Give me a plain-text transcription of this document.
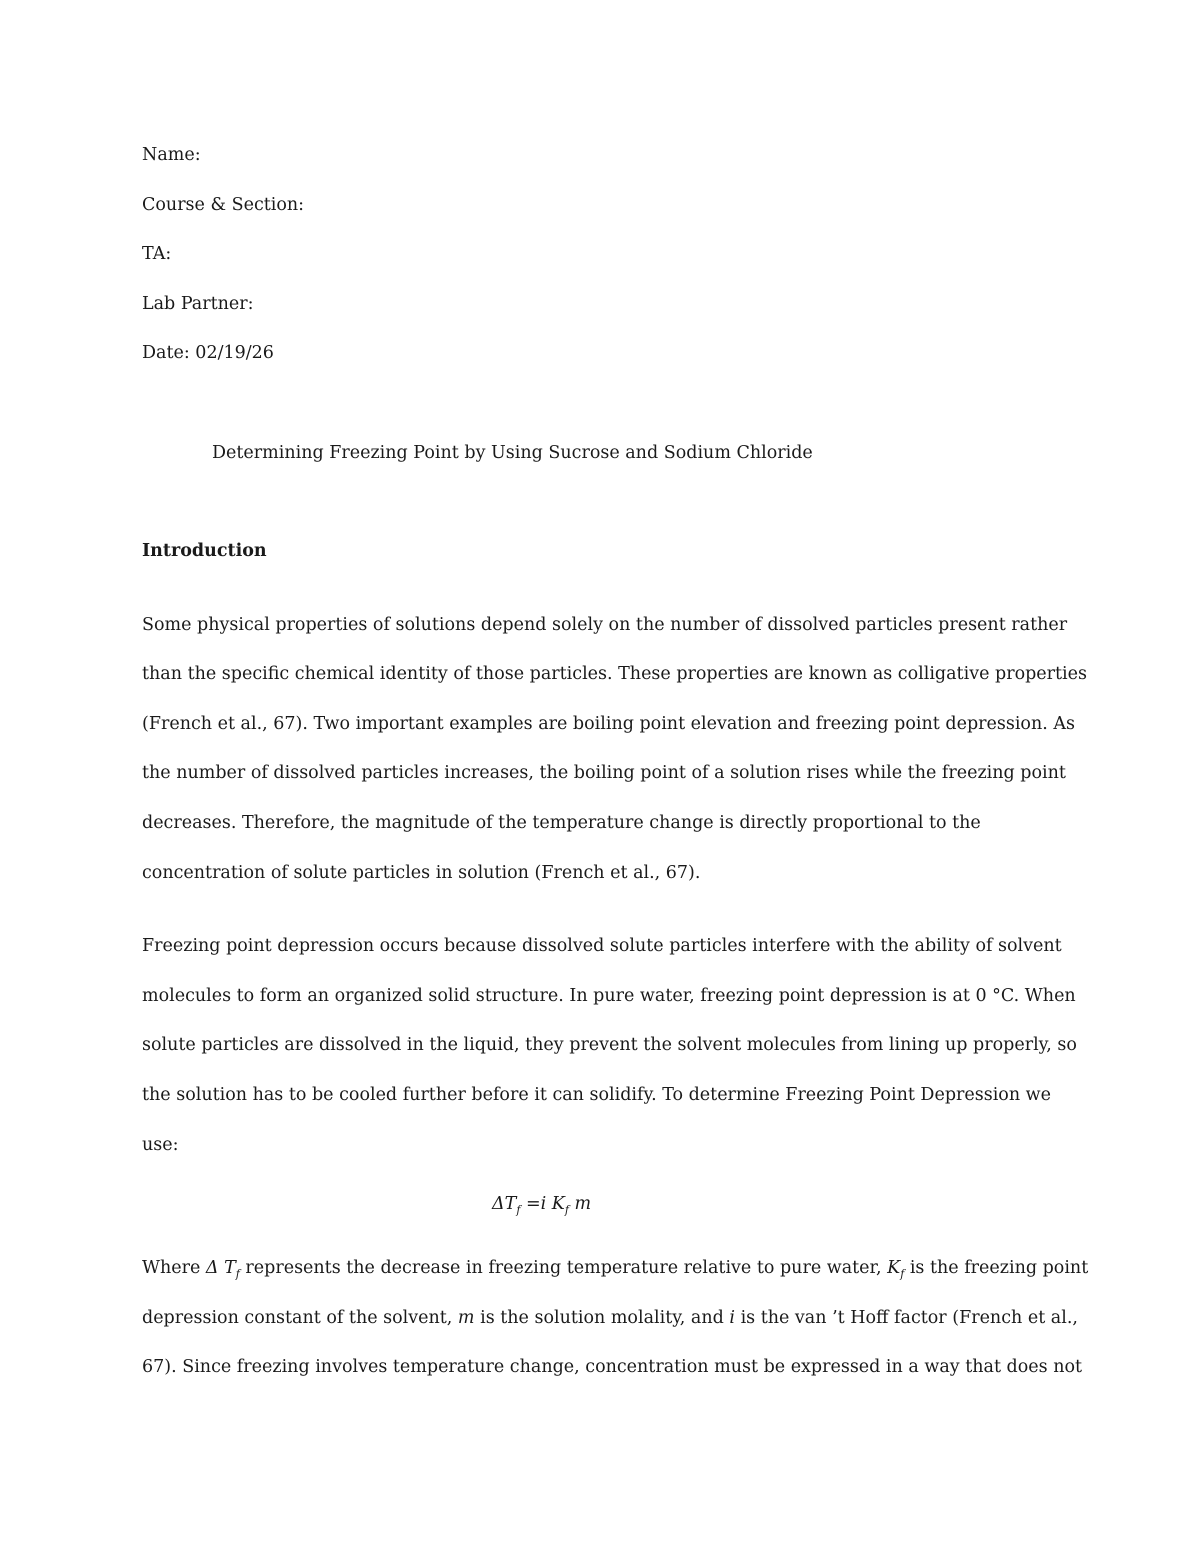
Name:
Course & Section:
TA:
Lab Partner:
Date: 02/19/26
Determining Freezing Point by Using Sucrose and Sodium Chloride
Introduction
Some physical properties of solutions depend solely on the number of dissolved particles present rather
than the specific chemical identity of those particles. These properties are known as colligative properties
(French et al., 67). Two important examples are boiling point elevation and freezing point depression. As
the number of dissolved particles increases, the boiling point of a solution rises while the freezing point
decreases. Therefore, the magnitude of the temperature change is directly proportional to the
concentration of solute particles in solution (French et al., 67).
Freezing point depression occurs because dissolved solute particles interfere with the ability of solvent
molecules to form an organized solid structure. In pure water, freezing point depression is at 0 °C. When
solute particles are dissolved in the liquid, they prevent the solvent molecules from lining up properly, so
the solution has to be cooled further before it can solidify. To determine Freezing Point Depression we
use:
$\Delta T_f =i$ $K_f$ m
Where Δ $T_f$ represents the decrease in freezing temperature relative to pure water, $K_f$ is the freezing point
depression constant of the solvent, m is the solution molality, and i is the van ’t Hoff factor (French et al.,
67). Since freezing involves temperature change, concentration must be expressed in a way that does not
